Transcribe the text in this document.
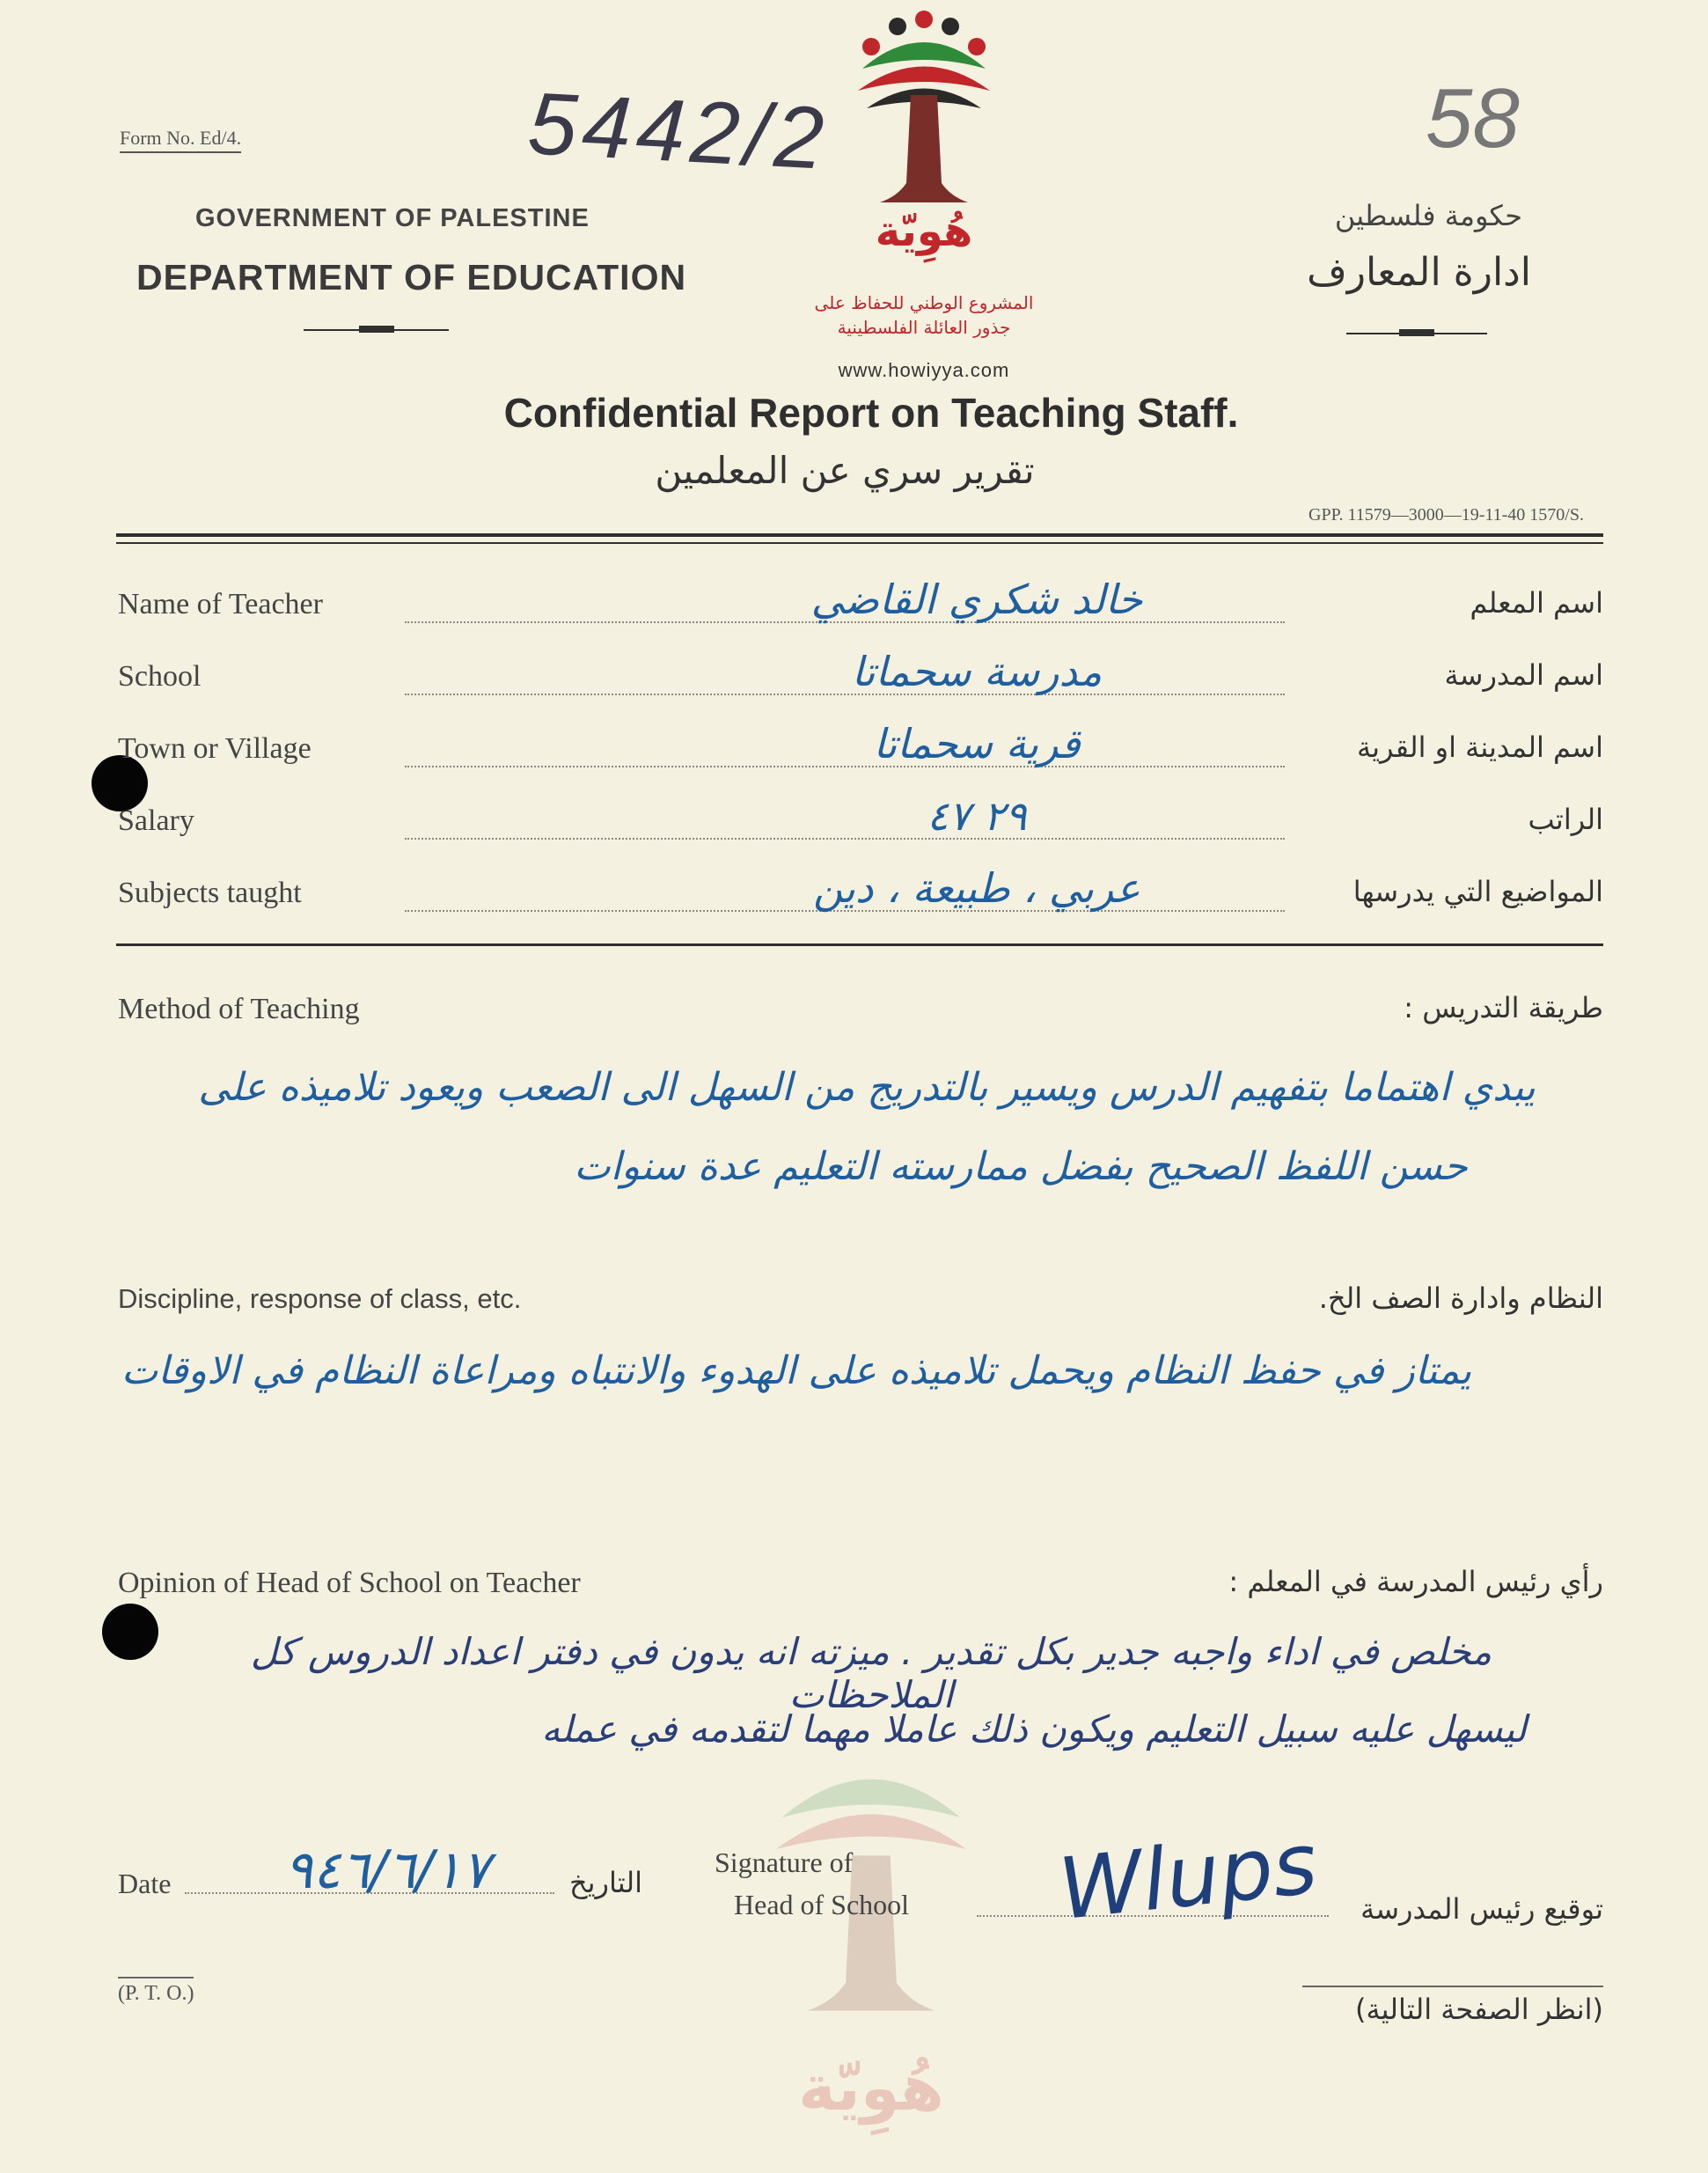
Form No. Ed/4.	5442/2
GOVERNMENT OF PALESTINE
DEPARTMENT OF EDUCATION
58
حكومة فلسطين
ادارة المعارف
هُوِيّة
المشروع الوطني للحفاظ على
جذور العائلة الفلسطينية
www.howiyya.com
Confidential Report on Teaching Staff.
تقرير سري عن المعلمين
GPP. 11579—3000—19-11-40 1570/S.
Name of Teacher	خالد شكري القاضي	اسم المعلم
School	مدرسة سحماتا	اسم المدرسة
Town or Village	قرية سحماتا	اسم المدينة او القرية
Salary	٢٩ ٤٧	الراتب
Subjects taught	عربي ، طبيعة ، دين	المواضيع التي يدرسها
Method of Teaching	طريقة التدريس :
يبدي اهتماما بتفهيم الدرس ويسير بالتدريج من السهل الى الصعب ويعود تلاميذه على
حسن اللفظ الصحيح بفضل ممارسته التعليم عدة سنوات
Discipline, response of class, etc.	النظام وادارة الصف الخ.
يمتاز في حفظ النظام ويحمل تلاميذه على الهدوء والانتباه ومراعاة النظام في الاوقات
Opinion of Head of School on Teacher	رأي رئيس المدرسة في المعلم :
مخلص في اداء واجبه جدير بكل تقدير . ميزته انه يدون في دفتر اعداد الدروس كل الملاحظات
ليسهل عليه سبيل التعليم ويكون ذلك عاملا مهما لتقدمه في عمله
هُوِيّة
Date	٩٤٦/٦/١٧	التاريخ
Signature of
Head of School Wlups	توقيع رئيس المدرسة
(P. T. O.)	(انظر الصفحة التالية)
